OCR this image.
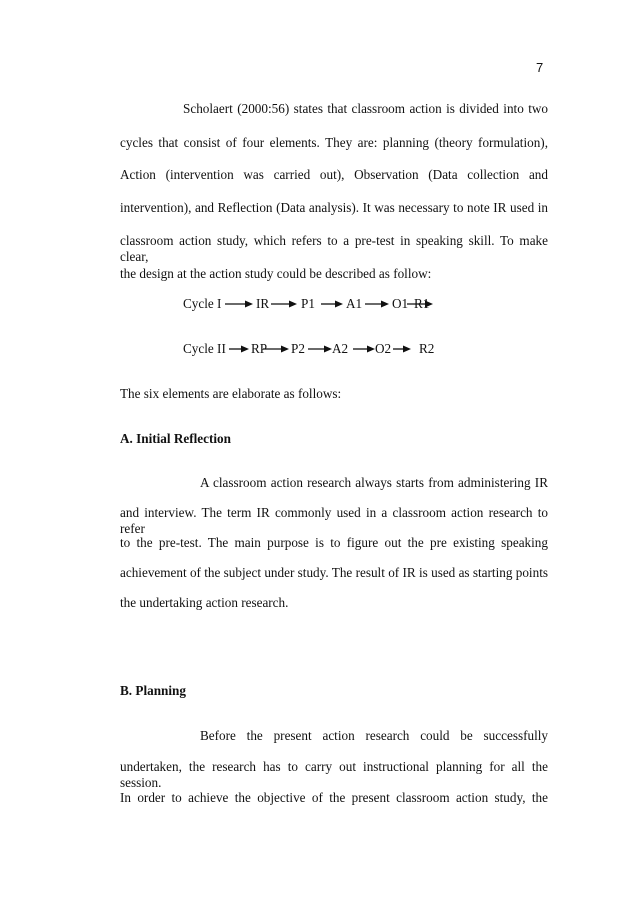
7
Scholaert (2000:56) states that classroom action is divided into two
cycles that consist of four elements. They are: planning (theory formulation),
Action (intervention was carried out), Observation (Data collection and
intervention), and Reflection (Data analysis). It was necessary to note IR used in
classroom action study, which refers to a pre-test in speaking skill. To make clear,
the design at the action study could be described as follow:
Cycle I	IR P1 A1 O1 R1
Cycle II RP P2 A2 O2 R2
The six elements are elaborate as follows:
A. Initial Reflection
A classroom action research always starts from administering IR
and interview. The term IR commonly used in a classroom action research to refer
to the pre-test. The main purpose is to figure out the pre existing speaking
achievement of the subject under study. The result of IR is used as starting points
the undertaking action research.
B. Planning
Before the present action research could be successfully
undertaken, the research has to carry out instructional planning for all the session.
In order to achieve the objective of the present classroom action study, the
